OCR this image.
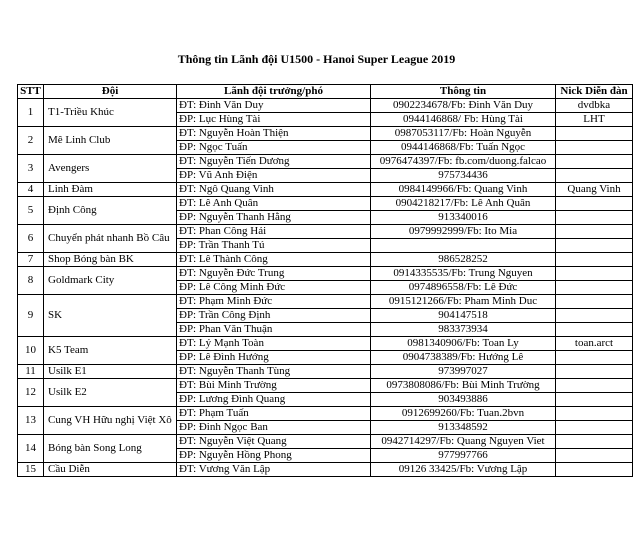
Thông tin Lãnh đội U1500 - Hanoi Super League 2019
STT	Đội	Lãnh đội trưởng/phó	Thông tin	Nick Diễn đàn
1	T1-Triều Khúc	ĐT: Đinh Văn Duy	0902234678/Fb: Đinh Văn Duy	dvdbka
		ĐP: Lục Hùng Tài	0944146868/ Fb: Hùng Tài	LHT
2	Mê Linh Club	ĐT: Nguyễn Hoàn Thiện	0987053117/Fb: Hoàn Nguyễn	
		ĐP: Ngọc Tuấn	0944146868/Fb: Tuấn Ngọc	
3	Avengers	ĐT: Nguyễn Tiến Dương	0976474397/Fb: fb.com/duong.falcao	
		ĐP: Vũ Anh Điện	975734436	
4	Linh Đàm	ĐT: Ngô Quang Vinh	0984149966/Fb: Quang Vinh	Quang Vinh
5	Định Công	ĐT: Lê Anh Quân	0904218217/Fb: Lê Anh Quân	
		ĐP: Nguyễn Thanh Hằng	913340016	
6	Chuyển phát nhanh Bồ Câu	ĐT: Phan Công Hải	0979992999/Fb: Ito Mia	
		ĐP: Trần Thanh Tú		
7	Shop Bóng bàn BK	ĐT: Lê Thành Công	986528252	
8	Goldmark City	ĐT: Nguyễn Đức Trung	0914335535/Fb: Trung Nguyen	
		ĐP: Lê Công Minh Đức	0974896558/Fb: Lê Đức	
9	SK	ĐT: Phạm Minh Đức	0915121266/Fb: Pham Minh Duc	
		ĐP: Trần Công Định	904147518	
		ĐP: Phan Văn Thuận	983373934	
10	K5 Team	ĐT: Lý Mạnh Toàn	0981340906/Fb: Toan Ly	toan.arct
		ĐP: Lê Đình Hướng	0904738389/Fb: Hướng Lê	
11	Usilk E1	ĐT: Nguyễn Thanh Tùng	973997027	
12	Usilk E2	ĐT: Bùi Minh Trường	0973808086/Fb: Bùi Minh Trường	
		ĐP: Lương Đình Quang	903493886	
13	Cung VH Hữu nghị Việt Xô	ĐT: Phạm Tuấn	0912699260/Fb: Tuan.2bvn	
		ĐP: Đinh Ngọc Ban	913348592	
14	Bóng bàn Song Long	ĐT: Nguyễn Việt Quang	0942714297/Fb: Quang Nguyen Viet	
		ĐP: Nguyễn Hồng Phong	977997766	
15	Cầu Diễn	ĐT: Vương Văn Lập	09126 33425/Fb: Vương Lập	
